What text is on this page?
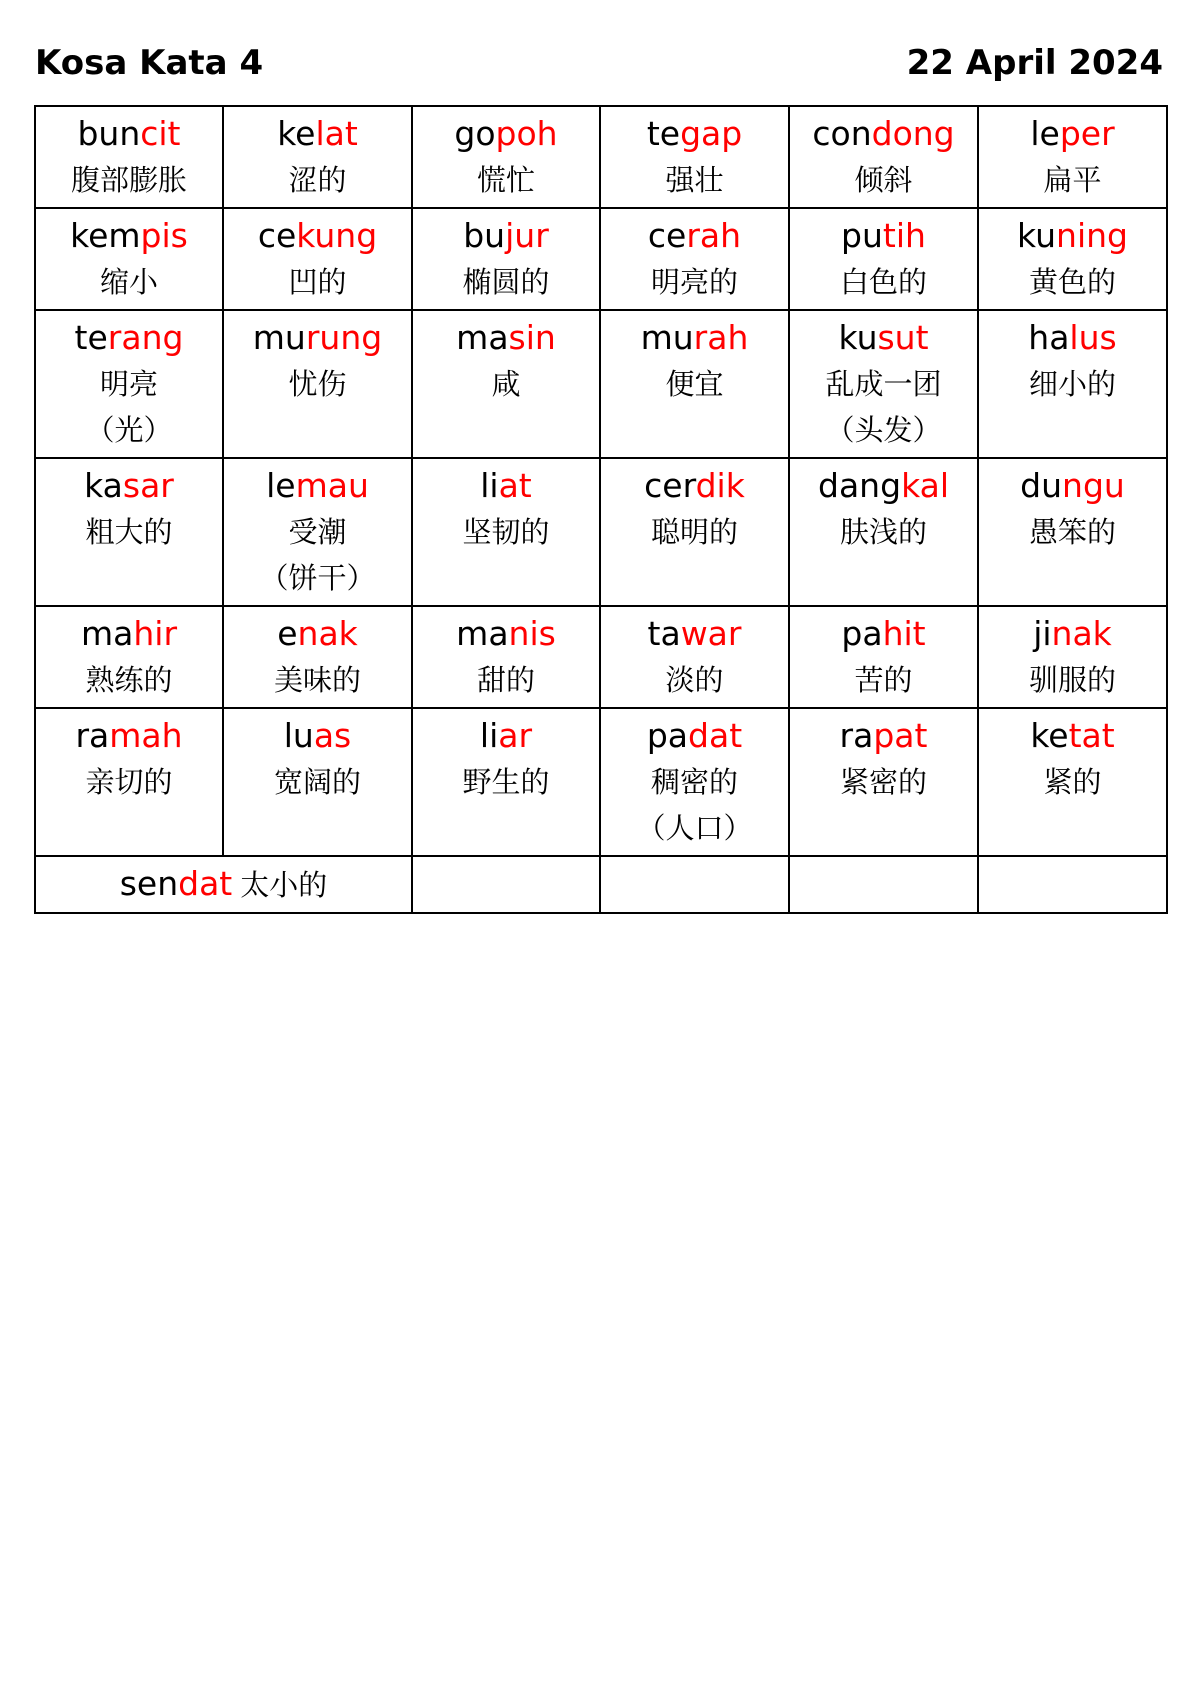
Kosa Kata 4	22 April 2024
buncit
腹部膨胀	kelat
涩的	gopoh
慌忙	tegap
强壮	condong
倾斜	leper
扁平

kempis
缩小	cekung
凹的	bujur
椭圆的	cerah
明亮的	putih
白色的	kuning
黄色的

terang
明亮
（光）	murung
忧伤	masin
咸	murah
便宜	kusut
乱成一团
（头发）	halus
细小的

kasar
粗大的	lemau
受潮
（饼干）	liat
坚韧的	cerdik
聪明的	dangkal
肤浅的	dungu
愚笨的

mahir
熟练的	enak
美味的	manis
甜的	tawar
淡的	pahit
苦的	jinak
驯服的

ramah
亲切的	luas
宽阔的	liar
野生的	padat
稠密的
（人口）	rapat
紧密的	ketat
紧的

sendat 太小的					
